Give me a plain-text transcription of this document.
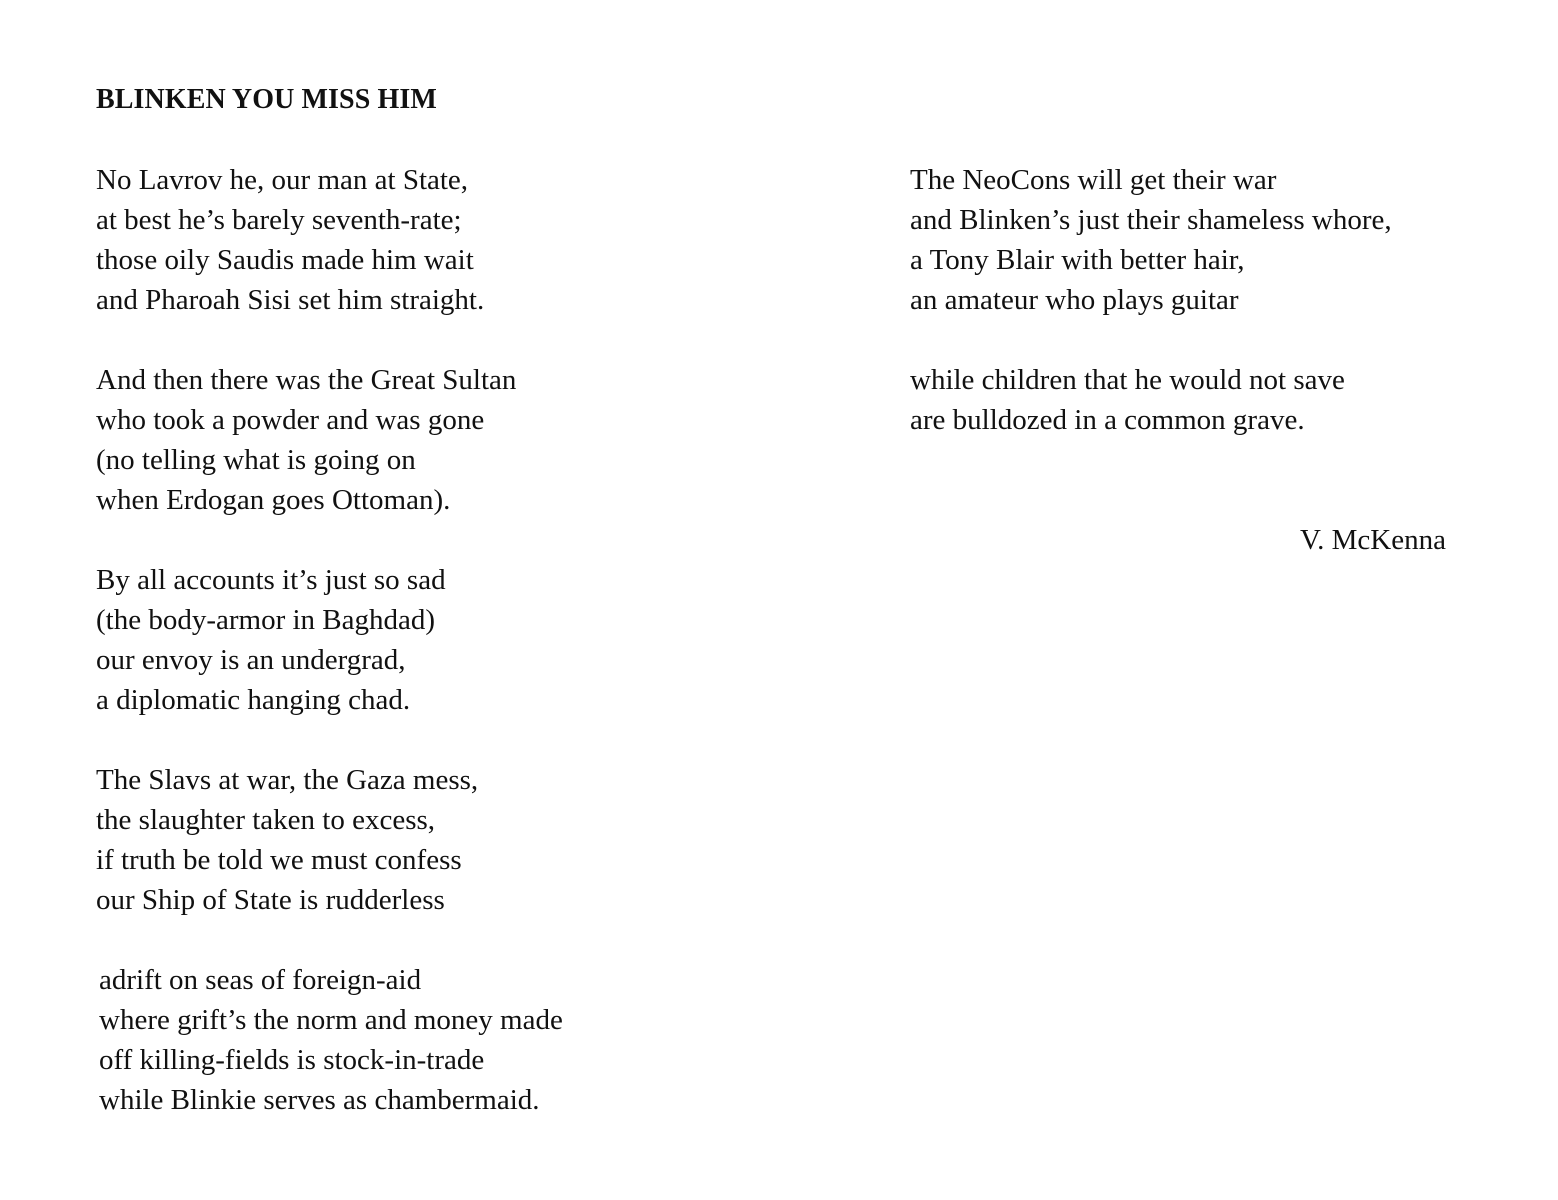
BLINKEN YOU MISS HIM
No Lavrov he, our man at State,
at best he’s barely seventh-rate;
those oily Saudis made him wait
and Pharoah Sisi set him straight.
And then there was the Great Sultan
who took a powder and was gone
(no telling what is going on
when Erdogan goes Ottoman).
By all accounts it’s just so sad
(the body-armor in Baghdad)
our envoy is an undergrad,
a diplomatic hanging chad.
The Slavs at war, the Gaza mess,
the slaughter taken to excess,
if truth be told we must confess
our Ship of State is rudderless
adrift on seas of foreign-aid
where grift’s the norm and money made
off killing-fields is stock-in-trade
while Blinkie serves as chambermaid.
The NeoCons will get their war
and Blinken’s just their shameless whore,
a Tony Blair with better hair,
an amateur who plays guitar
while children that he would not save
are bulldozed in a common grave.

V. McKenna
